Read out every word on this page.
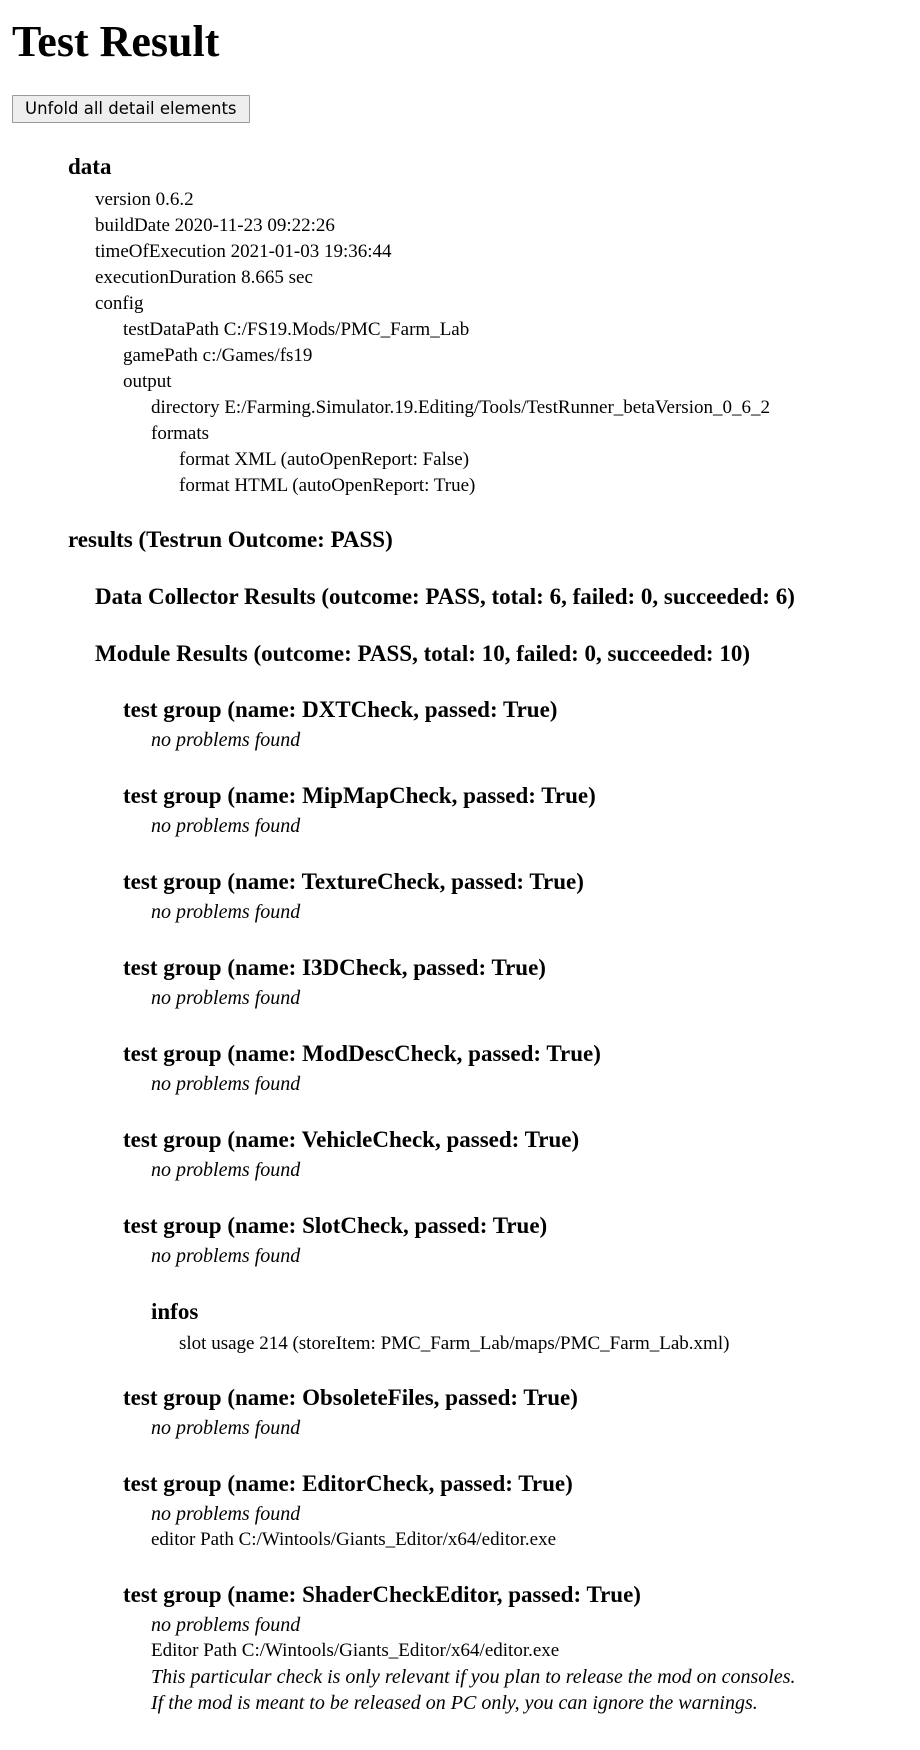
Test Result
Unfold all detail elements
data
version 0.6.2
buildDate 2020-11-23 09:22:26
timeOfExecution 2021-01-03 19:36:44
executionDuration 8.665 sec
config
testDataPath C:/FS19.Mods/PMC_Farm_Lab
gamePath c:/Games/fs19
output
directory E:/Farming.Simulator.19.Editing/Tools/TestRunner_betaVersion_0_6_2
formats
format XML (autoOpenReport: False)
format HTML (autoOpenReport: True)
results (Testrun Outcome: PASS)
Data Collector Results (outcome: PASS, total: 6, failed: 0, succeeded: 6)
Module Results (outcome: PASS, total: 10, failed: 0, succeeded: 10)
test group (name: DXTCheck, passed: True)
no problems found
test group (name: MipMapCheck, passed: True)
no problems found
test group (name: TextureCheck, passed: True)
no problems found
test group (name: I3DCheck, passed: True)
no problems found
test group (name: ModDescCheck, passed: True)
no problems found
test group (name: VehicleCheck, passed: True)
no problems found
test group (name: SlotCheck, passed: True)
no problems found
infos
slot usage 214 (storeItem: PMC_Farm_Lab/maps/PMC_Farm_Lab.xml)
test group (name: ObsoleteFiles, passed: True)
no problems found
test group (name: EditorCheck, passed: True)
no problems found
editor Path C:/Wintools/Giants_Editor/x64/editor.exe
test group (name: ShaderCheckEditor, passed: True)
no problems found
Editor Path C:/Wintools/Giants_Editor/x64/editor.exe
This particular check is only relevant if you plan to release the mod on consoles.
If the mod is meant to be released on PC only, you can ignore the warnings.
